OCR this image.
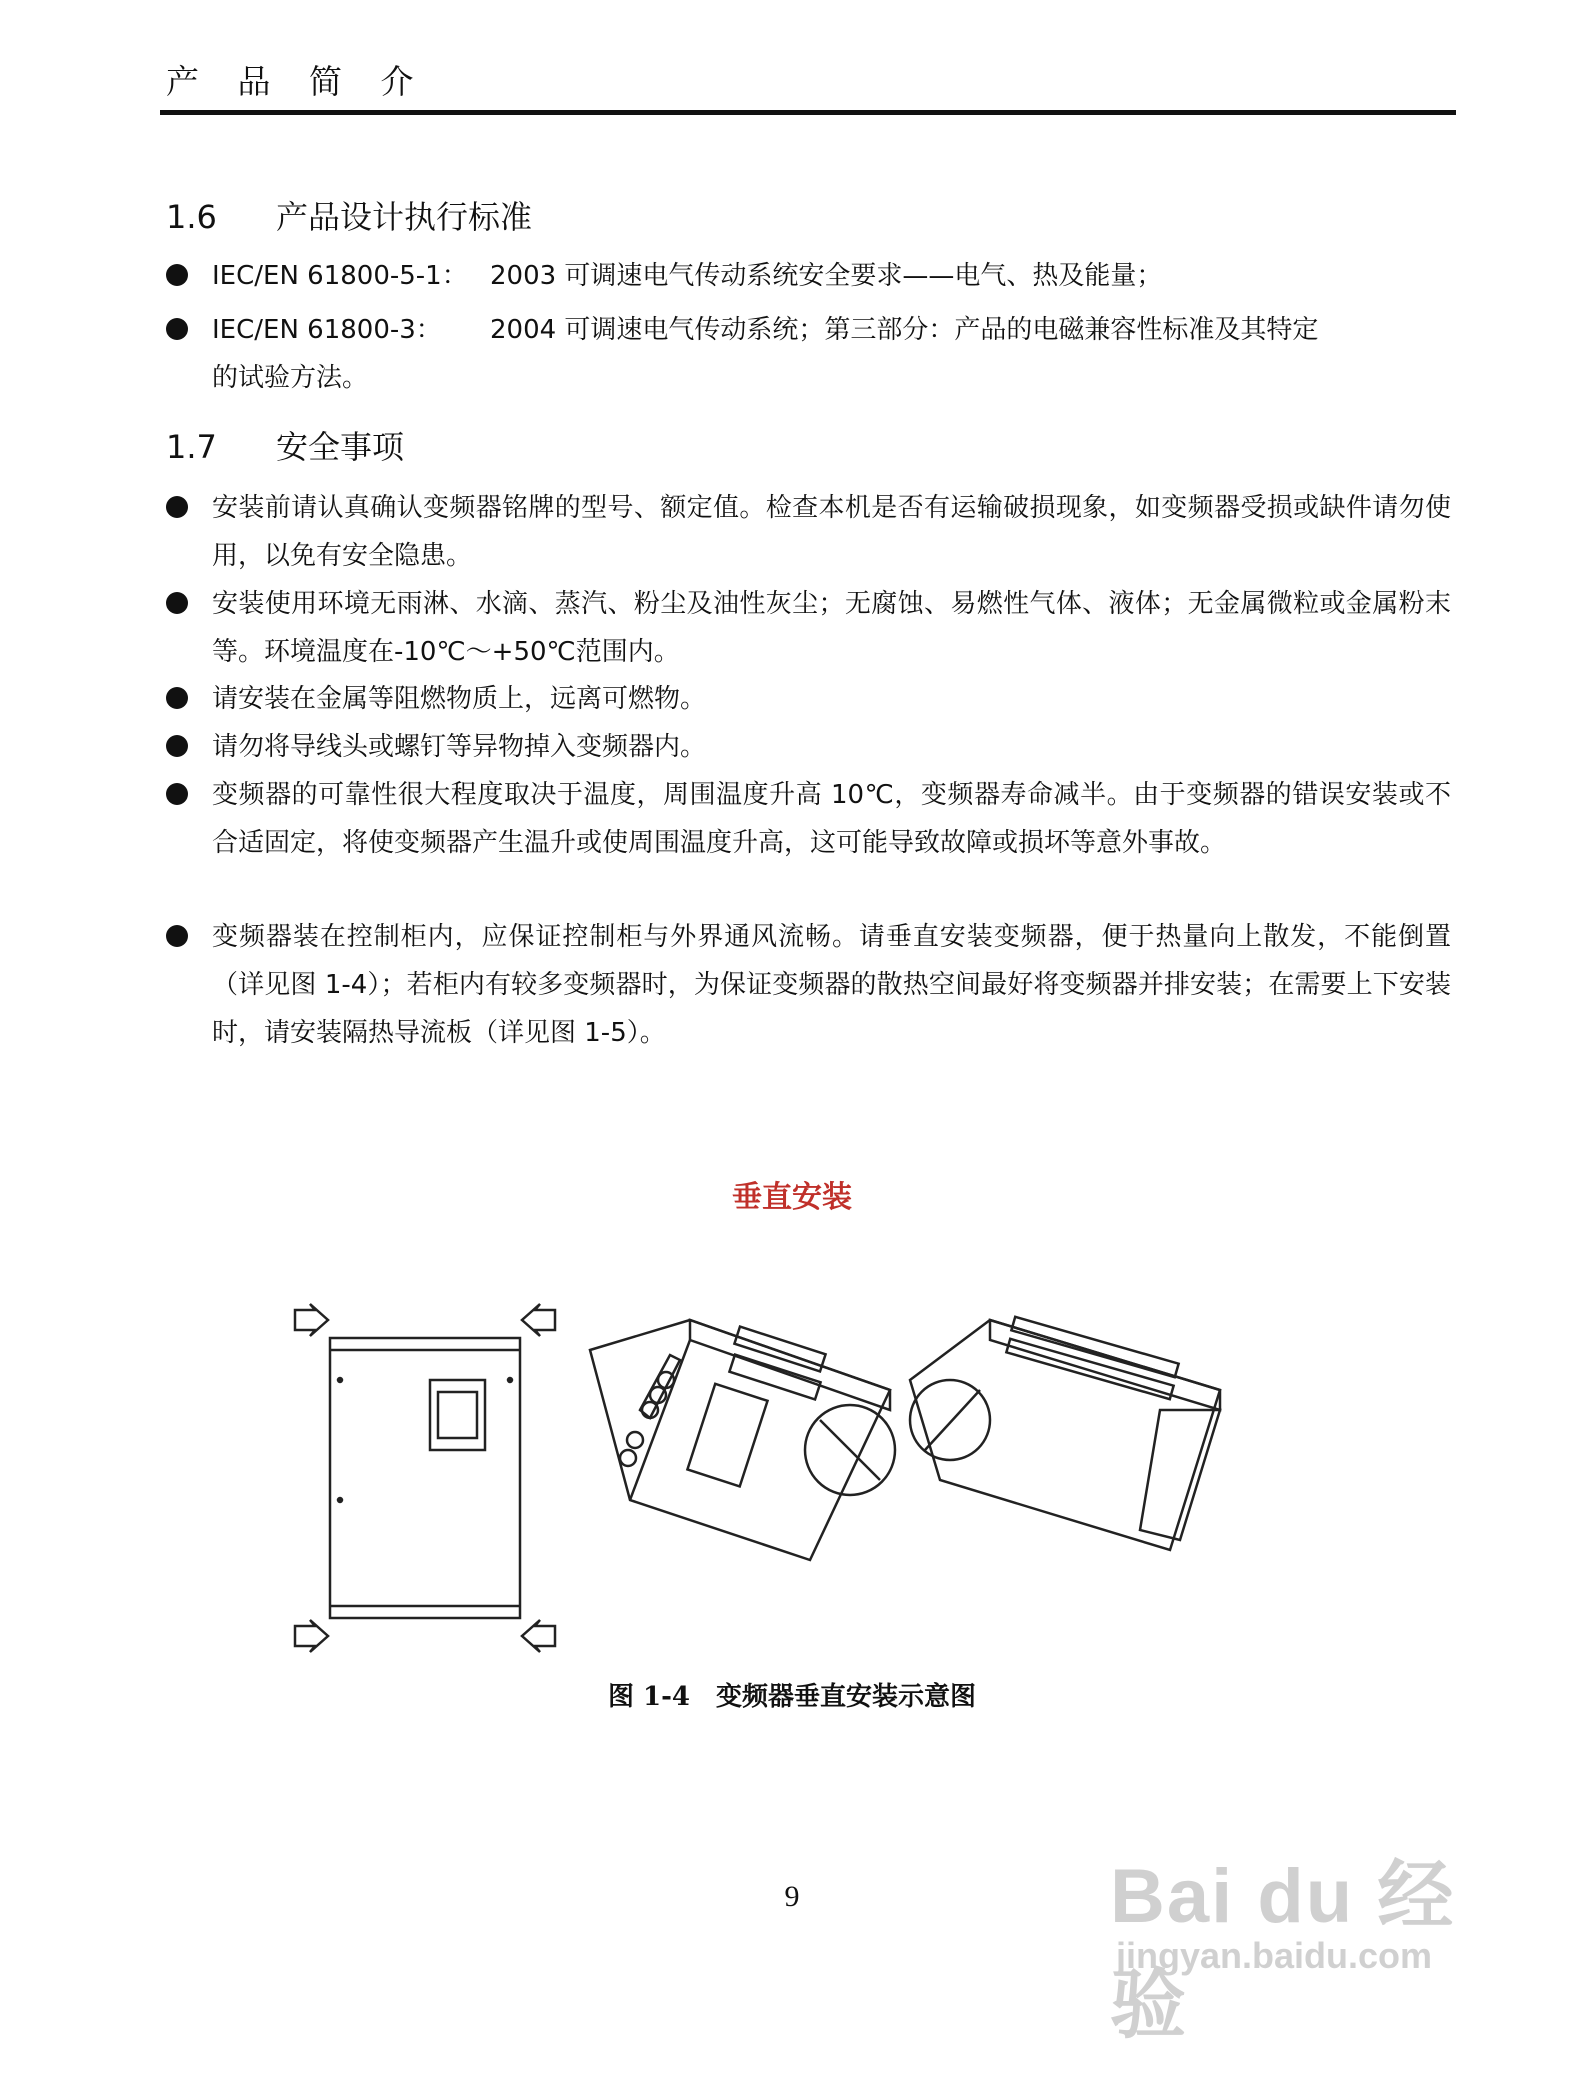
产 品 简 介
1.6 产品设计执行标准
IEC/EN 61800-5-1： 2003 可调速电气传动系统安全要求——电气、热及能量；
IEC/EN 61800-3： 2004 可调速电气传动系统；第三部分：产品的电磁兼容性标准及其特定
的试验方法。
1.7 安全事项
安装前请认真确认变频器铭牌的型号、额定值。检查本机是否有运输破损现象，如变频器受损或缺件请勿使用，以免有安全隐患。
安装使用环境无雨淋、水滴、蒸汽、粉尘及油性灰尘；无腐蚀、易燃性气体、液体；无金属微粒或金属粉末等。环境温度在-10℃～+50℃范围内。
请安装在金属等阻燃物质上，远离可燃物。
请勿将导线头或螺钉等异物掉入变频器内。
变频器的可靠性很大程度取决于温度，周围温度升高 10℃，变频器寿命减半。由于变频器的错误安装或不合适固定，将使变频器产生温升或使周围温度升高，这可能导致故障或损坏等意外事故。
变频器装在控制柜内，应保证控制柜与外界通风流畅。请垂直安装变频器，便于热量向上散发，不能倒置（详见图 1-4）；若柜内有较多变频器时，为保证变频器的散热空间最好将变频器并排安装；在需要上下安装时，请安装隔热导流板（详见图 1-5）。
垂直安装
图 1-4　变频器垂直安装示意图
9	Bai du 经验
jingyan.baidu.com
